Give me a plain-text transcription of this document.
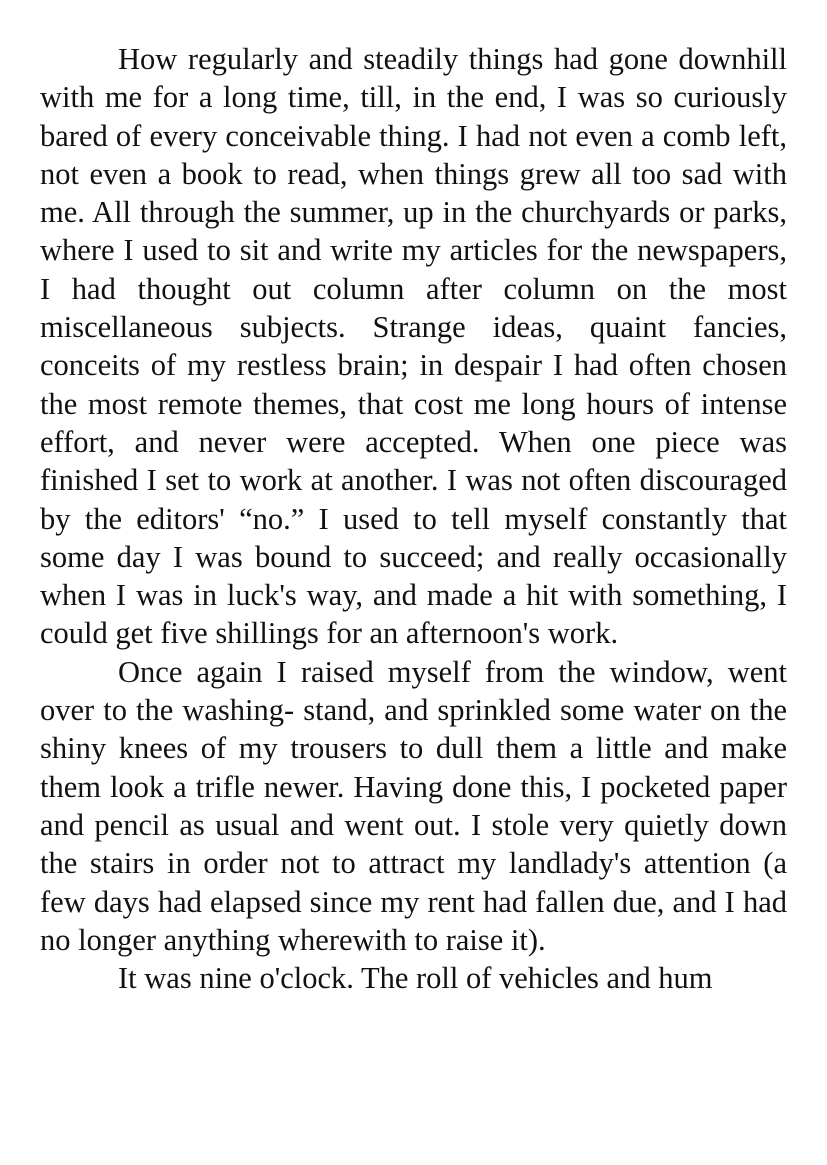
How regularly and steadily things had gone downhill with me for a long time, till, in the end, I was so curiously bared of every conceivable thing. I had not even a comb left, not even a book to read, when things grew all too sad with me. All through the summer, up in the churchyards or parks, where I used to sit and write my articles for the newspapers, I had thought out column after column on the most miscellaneous subjects. Strange ideas, quaint fancies, conceits of my restless brain; in despair I had often chosen the most remote themes, that cost me long hours of intense effort, and never were accepted. When one piece was finished I set to work at another. I was not often discouraged by the editors' “no.” I used to tell myself constantly that some day I was bound to succeed; and really occasionally when I was in luck's way, and made a hit with something, I could get five shillings for an afternoon's work.

Once again I raised myself from the window, went over to the washing- stand, and sprinkled some water on the shiny knees of my trousers to dull them a little and make them look a trifle newer. Having done this, I pocketed paper and pencil as usual and went out. I stole very quietly down the stairs in order not to attract my landlady's attention (a few days had elapsed since my rent had fallen due, and I had no longer anything wherewith to raise it).

It was nine o'clock. The roll of vehicles and hum
